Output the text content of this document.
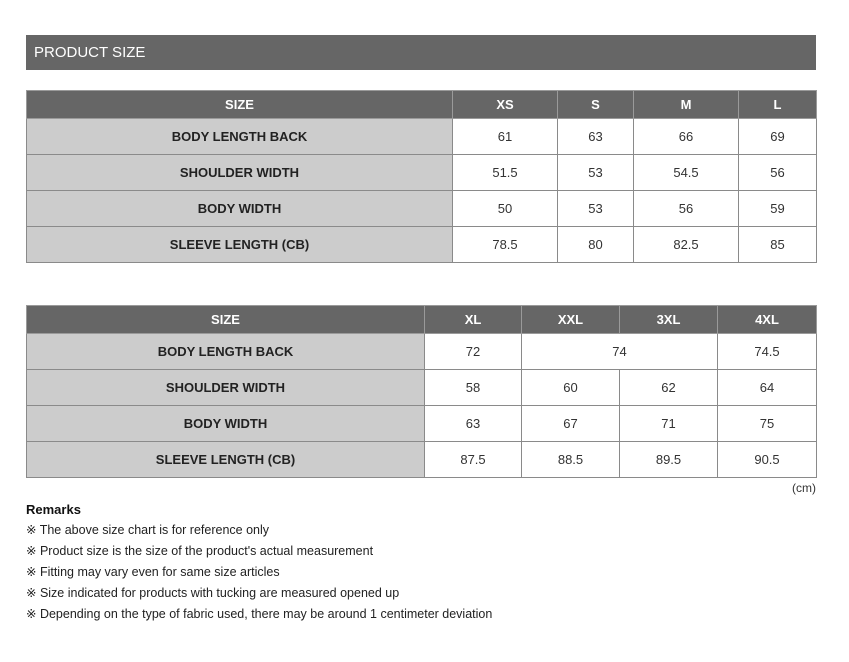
PRODUCT SIZE
SIZE	XS	S	M	L
BODY LENGTH BACK	61	63	66	69
SHOULDER WIDTH	51.5	53	54.5	56
BODY WIDTH	50	53	56	59
SLEEVE LENGTH (CB)	78.5	80	82.5	85
SIZE	XL	XXL	3XL	4XL
BODY LENGTH BACK	72	74		74.5
SHOULDER WIDTH	58	60	62	64
BODY WIDTH	63	67	71	75
SLEEVE LENGTH (CB)	87.5	88.5	89.5	90.5
(cm)
Remarks
※ The above size chart is for reference only
※ Product size is the size of the product's actual measurement
※ Fitting may vary even for same size articles
※ Size indicated for products with tucking are measured opened up
※ Depending on the type of fabric used, there may be around 1 centimeter deviation
